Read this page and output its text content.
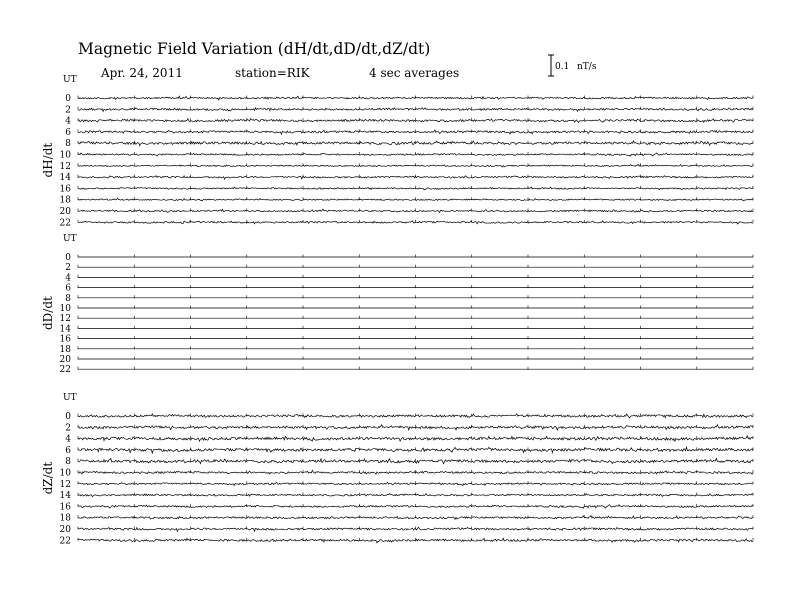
Magnetic Field Variation (dH/dt,dD/dt,dZ/dt)
Apr. 24, 2011	station=RIK	4 sec averages	0.1 nT/s
UT
dH/dt
0
2
4
6
8
10
12
14
16
18
20
22
UT
dD/dt
0
2
4
6
8
10
12
14
16
18
20
22
UT
dZ/dt
0
2
4
6
8
10
12
14
16
18
20
22
